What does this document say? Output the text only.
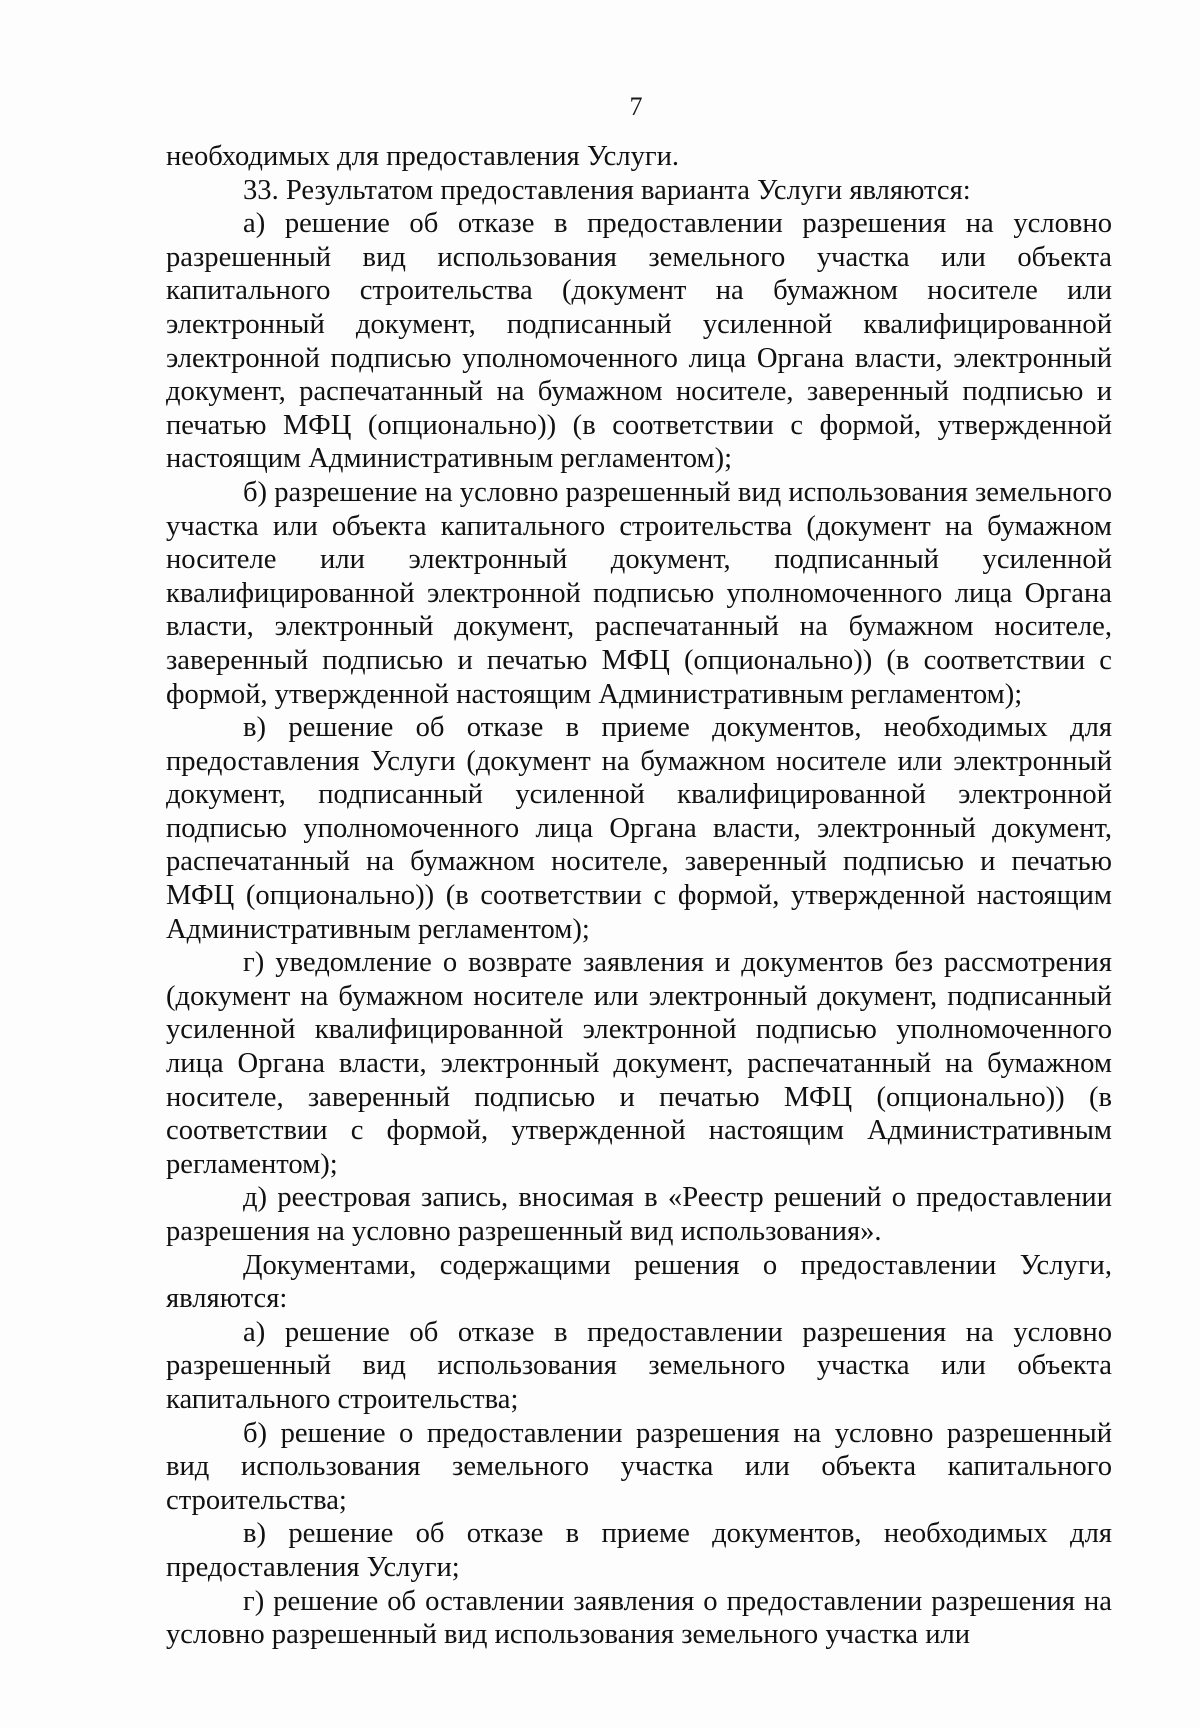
7

необходимых для предоставления Услуги.

33. Результатом предоставления варианта Услуги являются:

а) решение об отказе в предоставлении разрешения на условно разрешенный вид использования земельного участка или объекта капитального строительства (документ на бумажном носителе или электронный документ, подписанный усиленной квалифицированной электронной подписью уполномоченного лица Органа власти, электронный документ, распечатанный на бумажном носителе, заверенный подписью и печатью МФЦ (опционально)) (в соответствии с формой, утвержденной настоящим Административным регламентом);

б) разрешение на условно разрешенный вид использования земельного участка или объекта капитального строительства (документ на бумажном носителе или электронный документ, подписанный усиленной квалифицированной электронной подписью уполномоченного лица Органа власти, электронный документ, распечатанный на бумажном носителе, заверенный подписью и печатью МФЦ (опционально)) (в соответствии с формой, утвержденной настоящим Административным регламентом);

в) решение об отказе в приеме документов, необходимых для предоставления Услуги (документ на бумажном носителе или электронный документ, подписанный усиленной квалифицированной электронной подписью уполномоченного лица Органа власти, электронный документ, распечатанный на бумажном носителе, заверенный подписью и печатью МФЦ (опционально)) (в соответствии с формой, утвержденной настоящим Административным регламентом);

г) уведомление о возврате заявления и документов без рассмотрения (документ на бумажном носителе или электронный документ, подписанный усиленной квалифицированной электронной подписью уполномоченного лица Органа власти, электронный документ, распечатанный на бумажном носителе, заверенный подписью и печатью МФЦ (опционально)) (в соответствии с формой, утвержденной настоящим Административным регламентом);

д) реестровая запись, вносимая в «Реестр решений о предоставлении разрешения на условно разрешенный вид использования».

Документами, содержащими решения о предоставлении Услуги, являются:

а) решение об отказе в предоставлении разрешения на условно разрешенный вид использования земельного участка или объекта капитального строительства;

б) решение о предоставлении разрешения на условно разрешенный вид использования земельного участка или объекта капитального строительства;

в) решение об отказе в приеме документов, необходимых для предоставления Услуги;

г) решение об оставлении заявления о предоставлении разрешения на условно разрешенный вид использования земельного участка или
